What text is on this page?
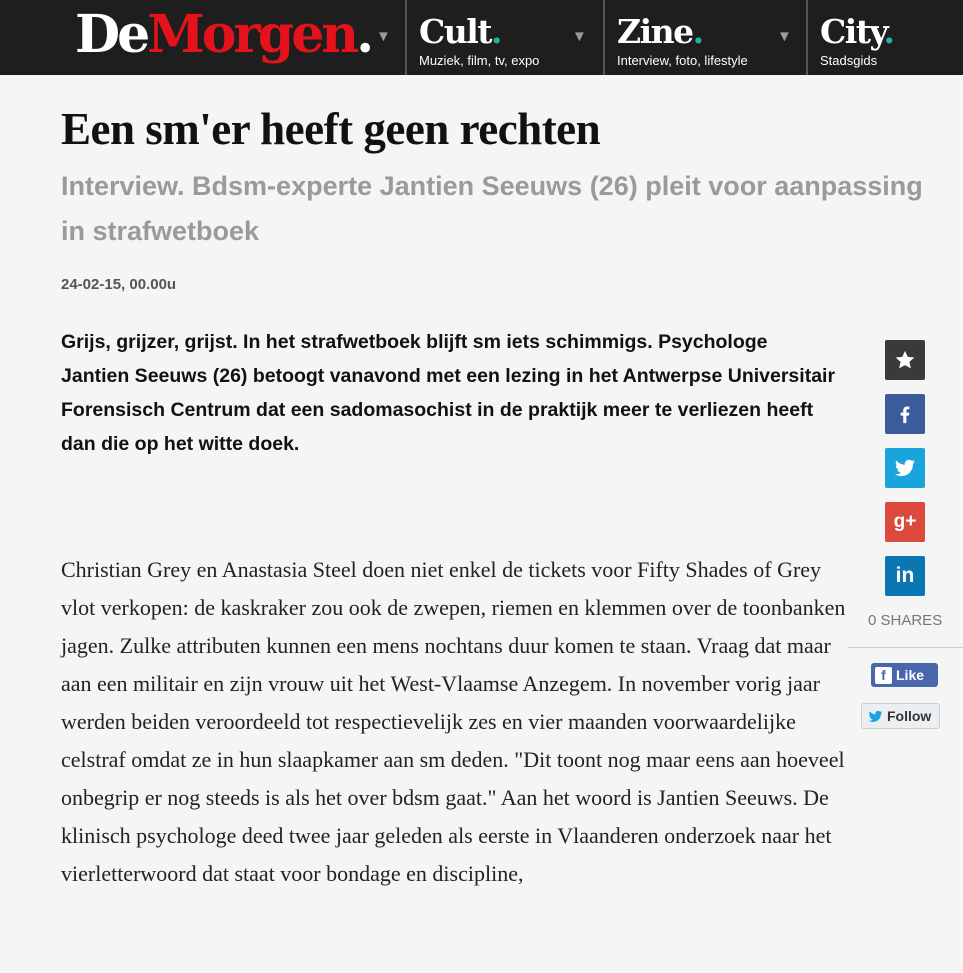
DeMorgen. ▼ Cult.
Muziek, film, tv, expo
▼ Zine.
Interview, foto, lifestyle
▼ City.
Stadsgids
Een sm'er heeft geen rechten
Interview. Bdsm-experte Jantien Seeuws (26) pleit voor aanpassing in strafwetboek
24-02-15, 00.00u
Grijs, grijzer, grijst. In het strafwetboek blijft sm iets schimmigs. Psychologe Jantien Seeuws (26) betoogt vanavond met een lezing in het Antwerpse Universitair Forensisch Centrum dat een sadomasochist in de praktijk meer te verliezen heeft dan die op het witte doek.
Christian Grey en Anastasia Steel doen niet enkel de tickets voor Fifty Shades of Grey vlot verkopen: de kaskraker zou ook de zwepen, riemen en klemmen over de toonbanken jagen. Zulke attributen kunnen een mens nochtans duur komen te staan. Vraag dat maar aan een militair en zijn vrouw uit het West-Vlaamse Anzegem. In november vorig jaar werden beiden veroordeeld tot respectievelijk zes en vier maanden voorwaardelijke celstraf omdat ze in hun slaapkamer aan sm deden. "Dit toont nog maar eens aan hoeveel onbegrip er nog steeds is als het over bdsm gaat." Aan het woord is Jantien Seeuws. De klinisch psychologe deed twee jaar geleden als eerste in Vlaanderen onderzoek naar het vierletterwoord dat staat voor bondage en discipline,
g+
in
0 SHARES
f Like
Follow
